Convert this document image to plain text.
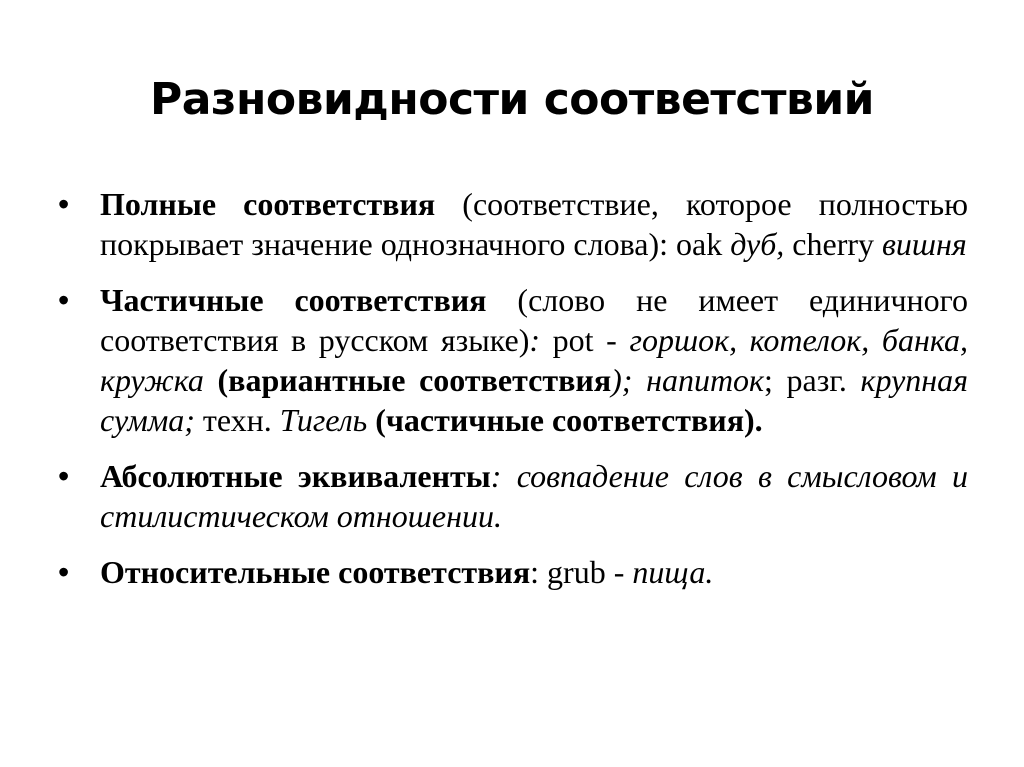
Разновидности соответствий
• Полные соответствия (соответствие, которое полностью покрывает значение однозначного слова): oak дуб, cherry вишня
• Частичные соответствия (слово не имеет единичного соответствия в русском языке): pot - горшок, котелок, банка, кружка (вариантные соответствия); напиток; разг. крупная сумма; техн. Тигель (частичные соответствия).
• Абсолютные эквиваленты: совпадение слов в смысловом и стилистическом отношении.
• Относительные соответствия: grub - пища.
